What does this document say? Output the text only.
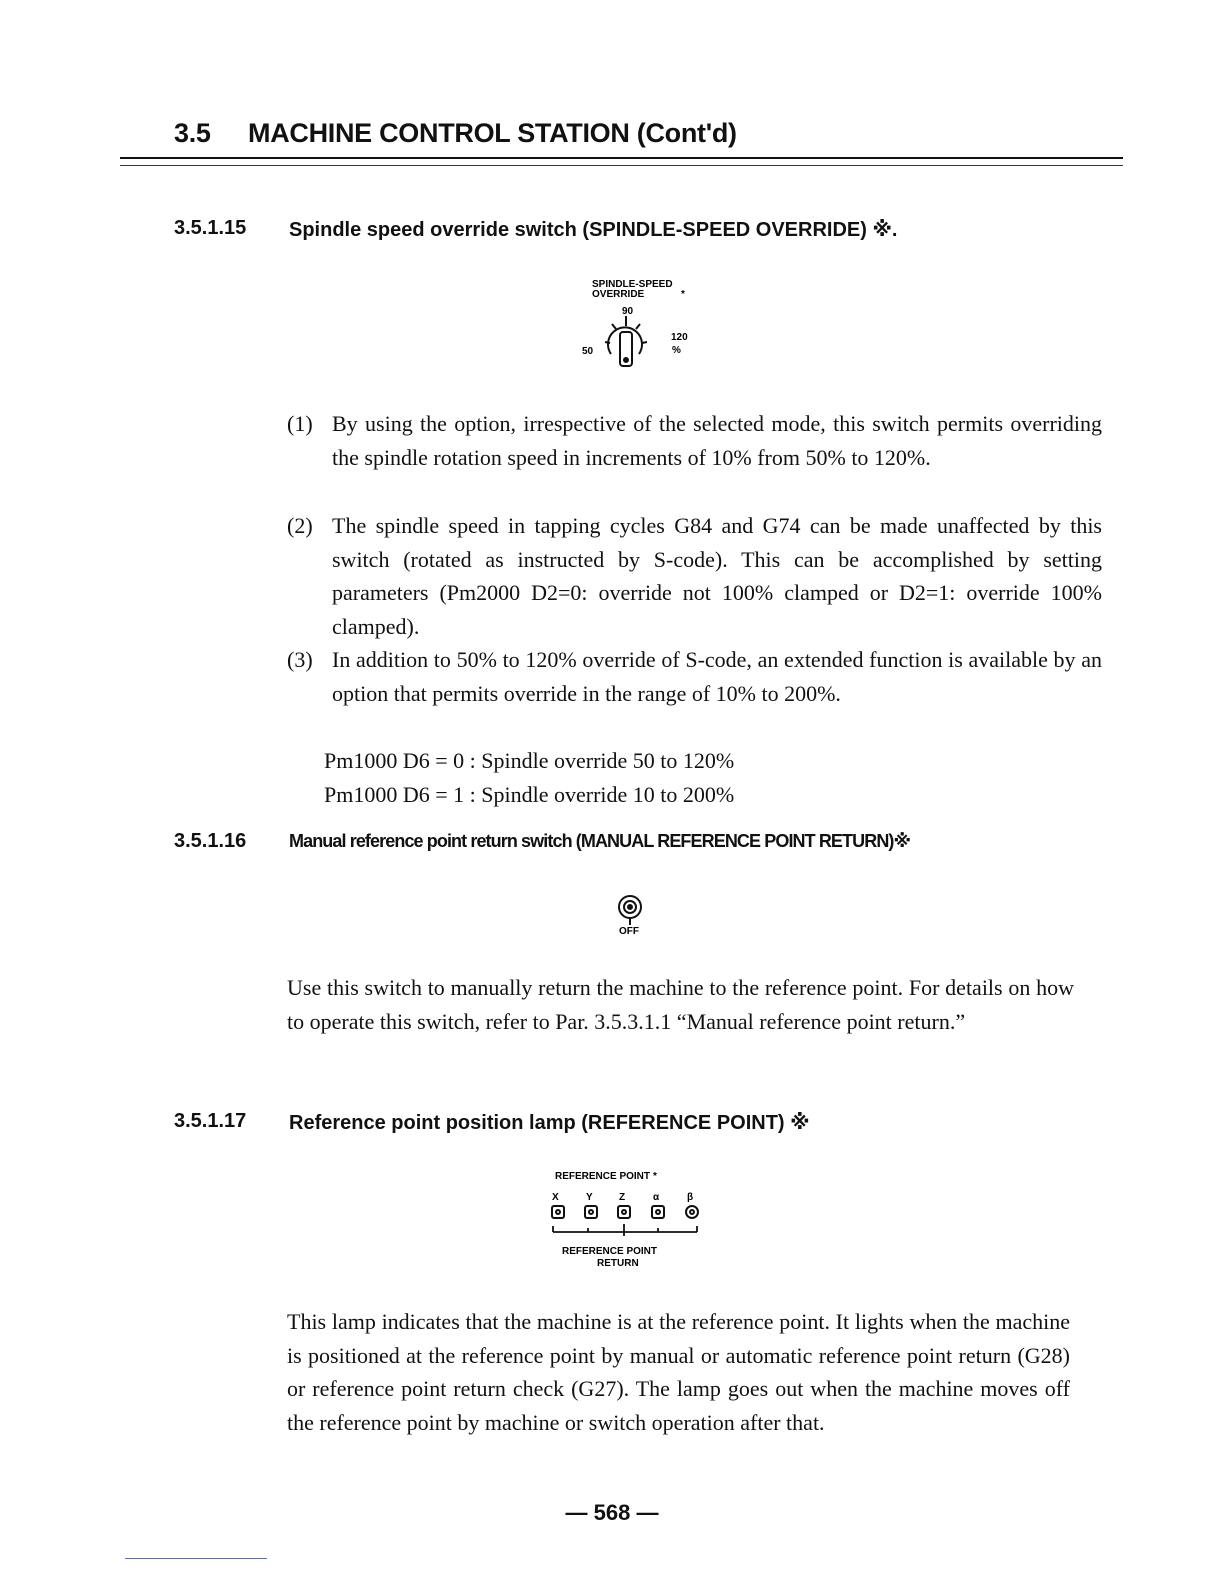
3.5 MACHINE CONTROL STATION (Cont'd)
3.5.1.15 Spindle speed override switch (SPINDLE-SPEED OVERRIDE) ※.
SPINDLE-SPEED
OVERRIDE	*
90
120
50	%
(1) By using the option, irrespective of the selected mode, this switch permits overriding the spindle rotation speed in increments of 10% from 50% to 120%.
(2) The spindle speed in tapping cycles G84 and G74 can be made unaffected by this switch (rotated as instructed by S-code). This can be accomplished by setting parameters (Pm2000 D2=0: override not 100% clamped or D2=1: override 100% clamped).
(3) In addition to 50% to 120% override of S-code, an extended function is available by an option that permits override in the range of 10% to 200%.
Pm1000 D6 = 0 : Spindle override 50 to 120%
Pm1000 D6 = 1 : Spindle override 10 to 200%
3.5.1.16 Manual reference point return switch (MANUAL REFERENCE POINT RETURN)※
OFF
Use this switch to manually return the machine to the reference point. For details on how to operate this switch, refer to Par. 3.5.3.1.1 “Manual reference point return.”
3.5.1.17 Reference point position lamp (REFERENCE POINT) ※
REFERENCE POINT *
X	Y	Z	α	β
REFERENCE POINT
RETURN
This lamp indicates that the machine is at the reference point. It lights when the machine is positioned at the reference point by manual or automatic reference point return (G28) or reference point return check (G27). The lamp goes out when the machine moves off the reference point by machine or switch operation after that.
— 568 —
